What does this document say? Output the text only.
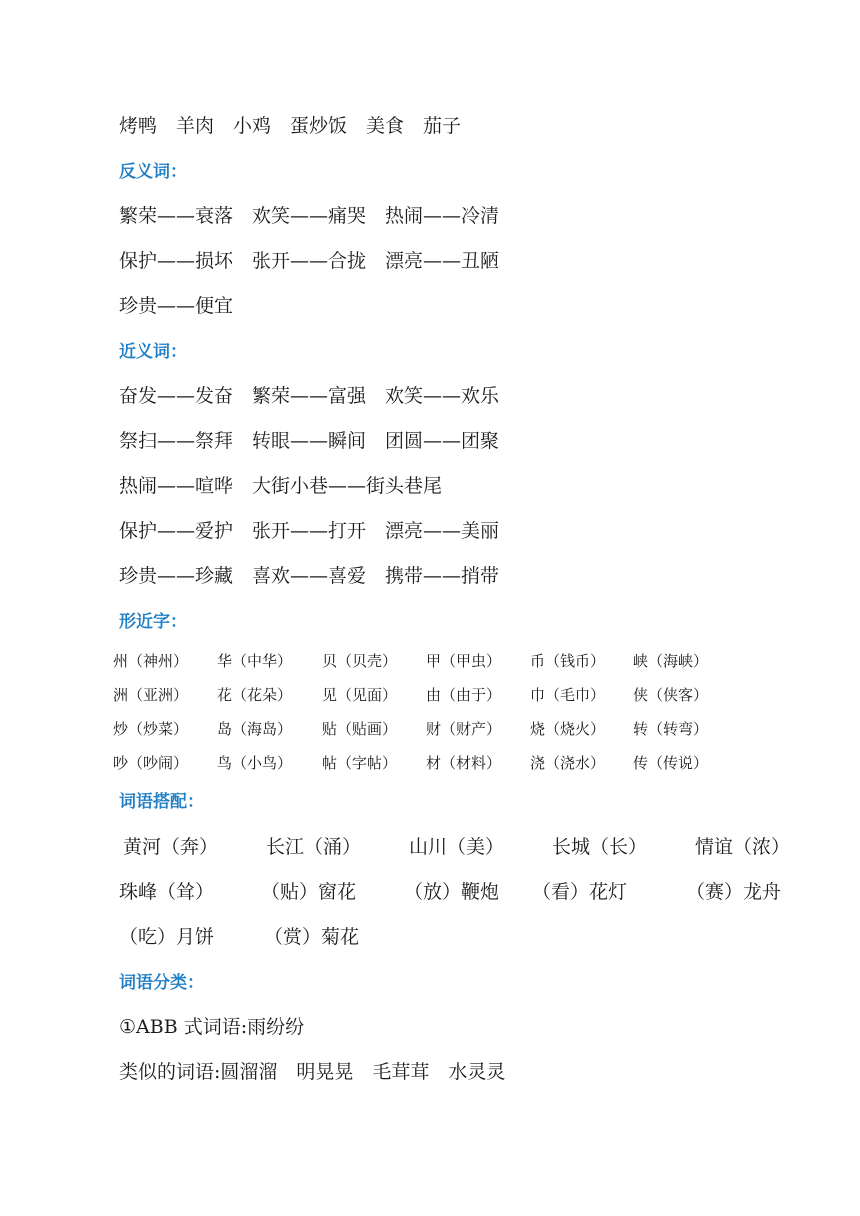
烤鸭　羊肉　小鸡　蛋炒饭　美食　茄子
反义词：
繁荣——衰落　欢笑——痛哭　热闹——冷清
保护——损坏　张开——合拢　漂亮——丑陋
珍贵——便宜
近义词：
奋发——发奋　繁荣——富强　欢笑——欢乐
祭扫——祭拜　转眼——瞬间　团圆——团聚
热闹——喧哗　大街小巷——街头巷尾
保护——爱护　张开——打开　漂亮——美丽
珍贵——珍藏　喜欢——喜爱　携带——捎带
形近字：
州（神州） 华（中华） 贝（贝壳） 甲（甲虫） 币（钱币） 峡（海峡）
洲（亚洲） 花（花朵） 见（见面） 由（由于） 巾（毛巾） 侠（侠客）
炒（炒菜） 岛（海岛） 贴（贴画） 财（财产） 烧（烧火） 转（转弯）
吵（吵闹） 鸟（小鸟） 帖（字帖） 材（材料） 浇（浇水） 传（传说）
词语搭配：
黄河（奔）	长江（涌）	山川（美）	长城（长）	情谊（浓）
珠峰（耸） （贴）窗花	（放）鞭炮 （看）花灯	（赛）龙舟
（吃）月饼	（赏）菊花
词语分类：
①ABB 式词语:雨纷纷
类似的词语:圆溜溜　明晃晃　毛茸茸　水灵灵
